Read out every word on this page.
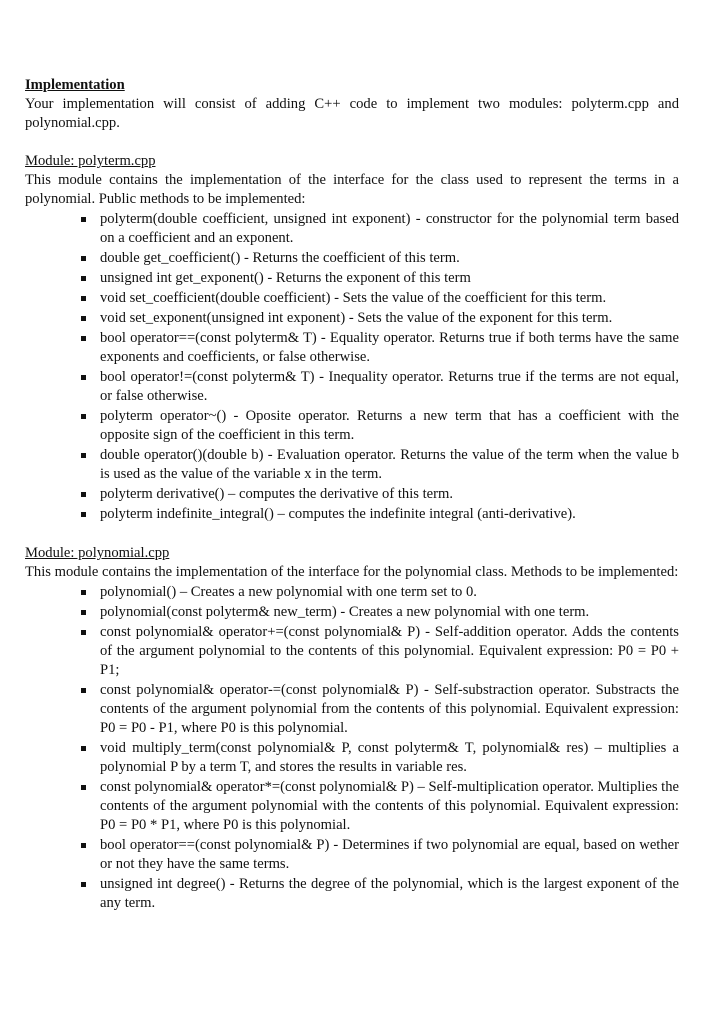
Implementation

Your implementation will consist of adding C++ code to implement two modules: polyterm.cpp and polynomial.cpp.

Module: polyterm.cpp

This module contains the implementation of the interface for the class used to represent the terms in a polynomial. Public methods to be implemented:

polyterm(double coefficient, unsigned int exponent) - constructor for the polynomial term based on a coefficient and an exponent.
double get_coefficient() - Returns the coefficient of this term.
unsigned int get_exponent() - Returns the exponent of this term
void set_coefficient(double coefficient) - Sets the value of the coefficient for this term.
void set_exponent(unsigned int exponent) - Sets the value of the exponent for this term.
bool operator==(const polyterm& T) - Equality operator. Returns true if both terms have the same exponents and coefficients, or false otherwise.
bool operator!=(const polyterm& T) - Inequality operator. Returns true if the terms are not equal, or false otherwise.
polyterm operator~() - Oposite operator. Returns a new term that has a coefficient with the opposite sign of the coefficient in this term.
double operator()(double b) - Evaluation operator. Returns the value of the term when the value b is used as the value of the variable x in the term.
polyterm derivative() – computes the derivative of this term.
polyterm indefinite_integral() – computes the indefinite integral (anti-derivative).

Module: polynomial.cpp

This module contains the implementation of the interface for the polynomial class. Methods to be implemented:

polynomial() – Creates a new polynomial with one term set to 0.
polynomial(const polyterm& new_term) - Creates a new polynomial with one term.
const polynomial& operator+=(const polynomial& P) - Self-addition operator. Adds the contents of the argument polynomial to the contents of this polynomial. Equivalent expression: P0 = P0 + P1;
const polynomial& operator-=(const polynomial& P) - Self-substraction operator. Substracts the contents of the argument polynomial from the contents of this polynomial. Equivalent expression: P0 = P0 - P1, where P0 is this polynomial.
void multiply_term(const polynomial& P, const polyterm& T, polynomial& res) – multiplies a polynomial P by a term T, and stores the results in variable res.
const polynomial& operator*=(const polynomial& P) – Self-multiplication operator. Multiplies the contents of the argument polynomial with the contents of this polynomial. Equivalent expression: P0 = P0 * P1, where P0 is this polynomial.
bool operator==(const polynomial& P) - Determines if two polynomial are equal, based on wether or not they have the same terms.
unsigned int degree() - Returns the degree of the polynomial, which is the largest exponent of the any term.
